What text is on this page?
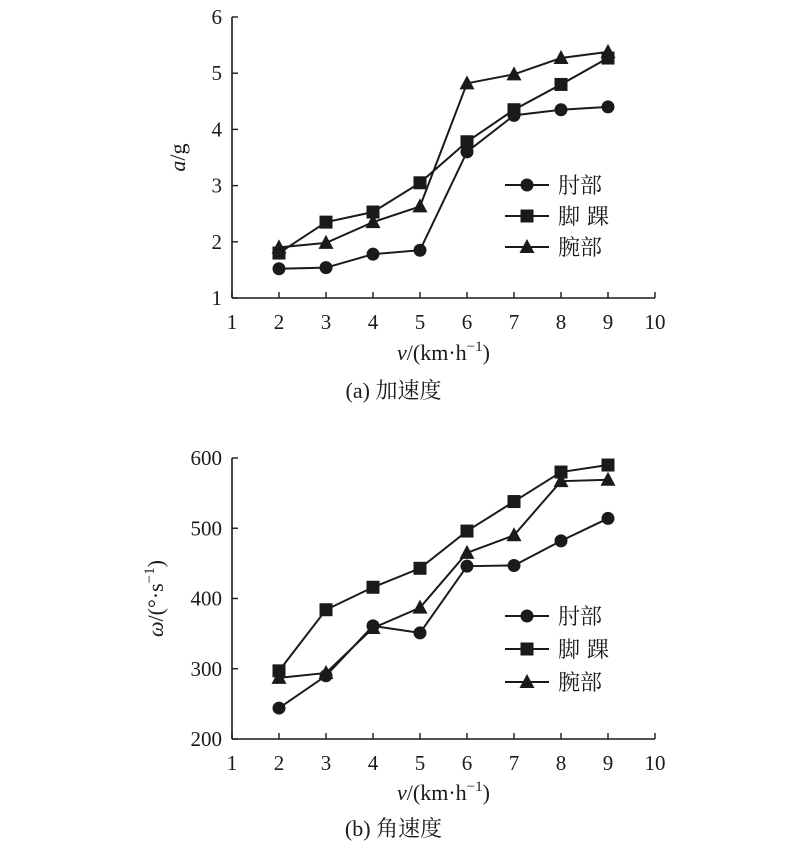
1 2 3 4 5 6 7 8 9 10
1
2
3
4
5
6
$v/(km\cdot h^{-1})$
a/g
(a) 加速度
肘部
脚 踝
腕部
1 2 3 4 5 6 7 8 9 10
200
300
400
500
600
$v/(km\cdot h^{-1})$
$\omega/(^\circ\cdot s^{-1})$
(b) 角速度
肘部
脚 踝
腕部
